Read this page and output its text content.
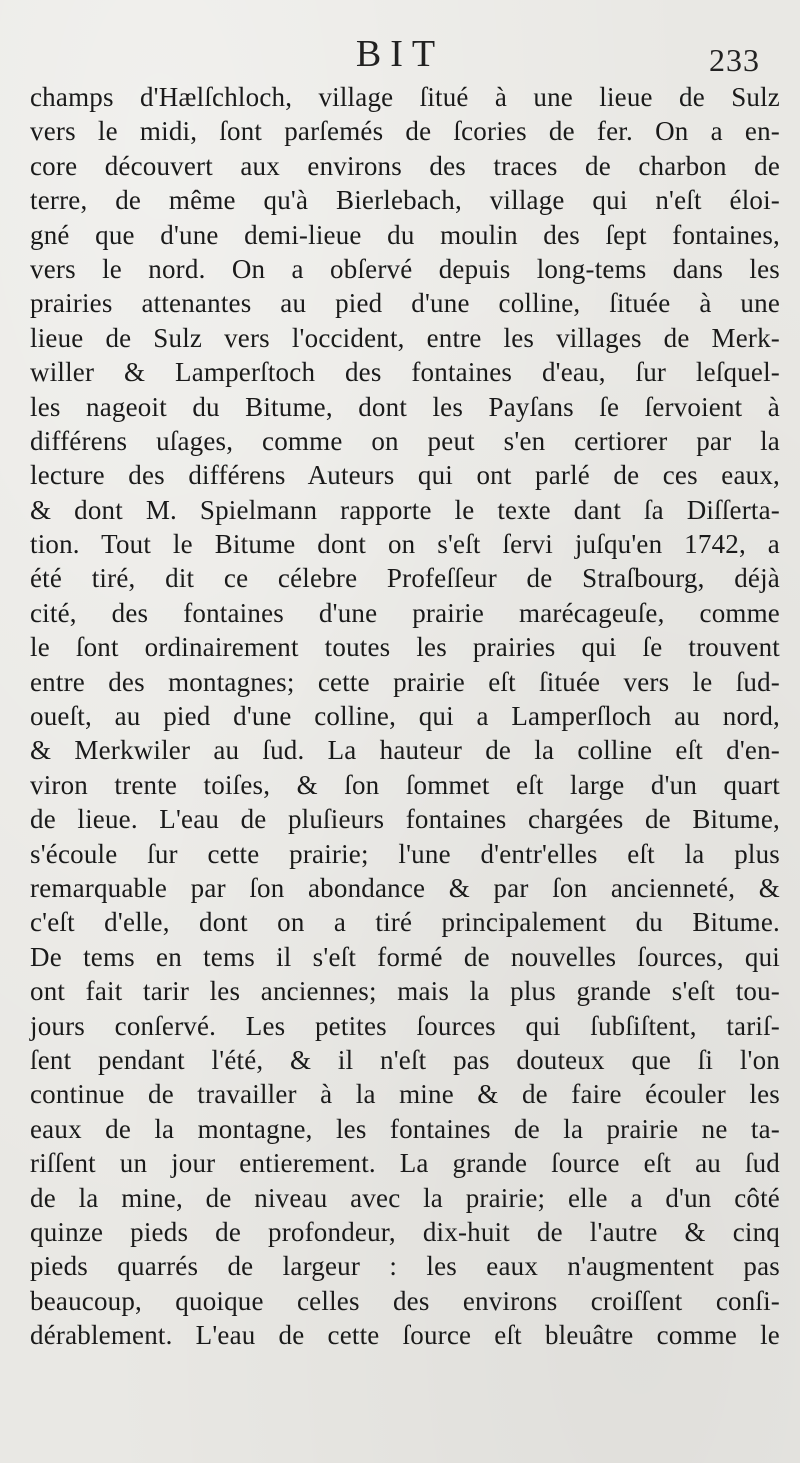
BIT	233
champs d'Hælſchloch, village ſitué à une lieue de Sulz
vers le midi, ſont parſemés de ſcories de fer. On a en-
core découvert aux environs des traces de charbon de
terre, de même qu'à Bierlebach, village qui n'eſt éloi-
gné que d'une demi-lieue du moulin des ſept fontaines,
vers le nord. On a obſervé depuis long-tems dans les
prairies attenantes au pied d'une colline, ſituée à une
lieue de Sulz vers l'occident, entre les villages de Merk-
willer & Lamperſtoch des fontaines d'eau, ſur leſquel-
les nageoit du Bitume, dont les Payſans ſe ſervoient à
différens uſages, comme on peut s'en certiorer par la
lecture des différens Auteurs qui ont parlé de ces eaux,
& dont M. Spielmann rapporte le texte dant ſa Diſſerta-
tion. Tout le Bitume dont on s'eſt ſervi juſqu'en 1742, a
été tiré, dit ce célebre Profeſſeur de Straſbourg, déjà
cité, des fontaines d'une prairie marécageuſe, comme
le ſont ordinairement toutes les prairies qui ſe trouvent
entre des montagnes; cette prairie eſt ſituée vers le ſud-
oueſt, au pied d'une colline, qui a Lamperſloch au nord,
& Merkwiler au ſud. La hauteur de la colline eſt d'en-
viron trente toiſes, & ſon ſommet eſt large d'un quart
de lieue. L'eau de pluſieurs fontaines chargées de Bitume,
s'écoule ſur cette prairie; l'une d'entr'elles eſt la plus
remarquable par ſon abondance & par ſon ancienneté, &
c'eſt d'elle, dont on a tiré principalement du Bitume.
De tems en tems il s'eſt formé de nouvelles ſources, qui
ont fait tarir les anciennes; mais la plus grande s'eſt tou-
jours conſervé. Les petites ſources qui ſubſiſtent, tariſ-
ſent pendant l'été, & il n'eſt pas douteux que ſi l'on
continue de travailler à la mine & de faire écouler les
eaux de la montagne, les fontaines de la prairie ne ta-
riſſent un jour entierement. La grande ſource eſt au ſud
de la mine, de niveau avec la prairie; elle a d'un côté
quinze pieds de profondeur, dix-huit de l'autre & cinq
pieds quarrés de largeur : les eaux n'augmentent pas
beaucoup, quoique celles des environs croiſſent conſi-
dérablement. L'eau de cette ſource eſt bleuâtre comme le
